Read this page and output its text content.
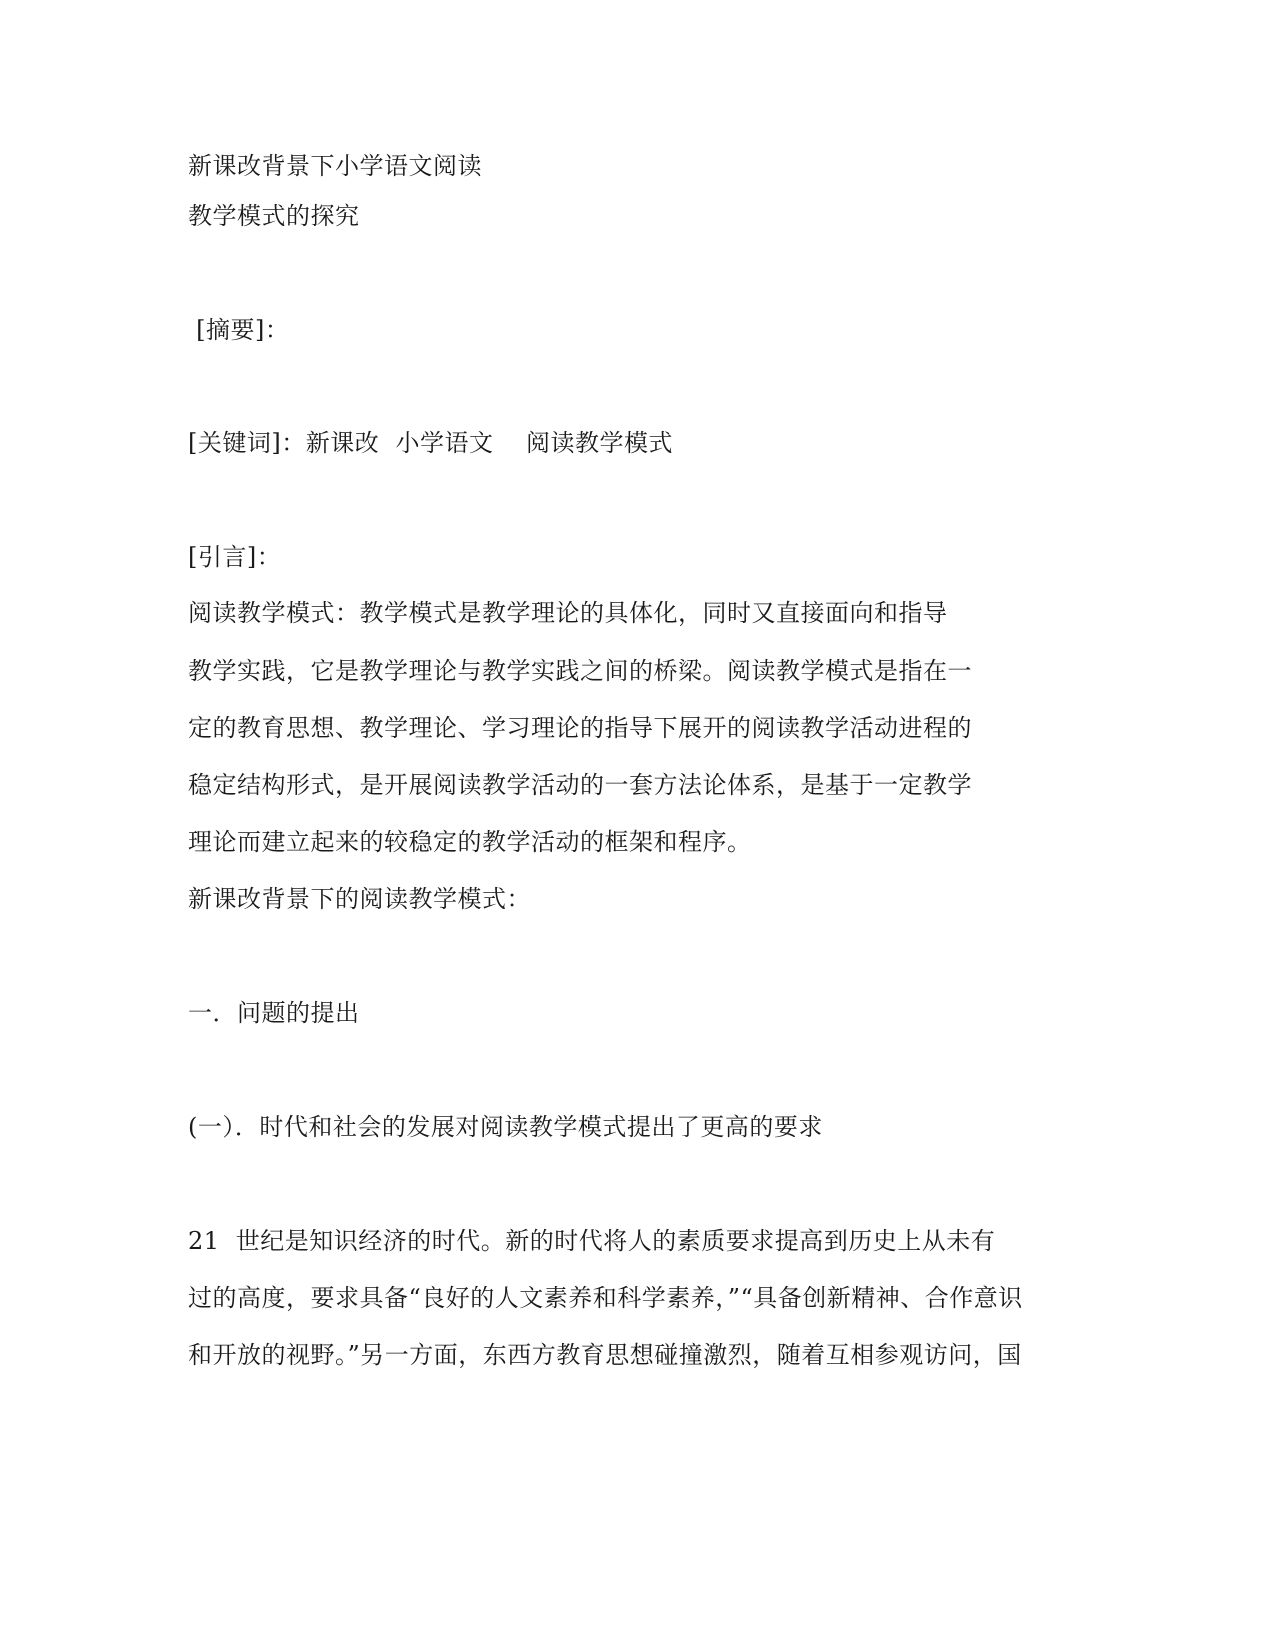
新课改背景下小学语文阅读
教学模式的探究
[摘要]：
[关键词]：新课改  小学语文    阅读教学模式
[引言]：
阅读教学模式：教学模式是教学理论的具体化，同时又直接面向和指导
教学实践，它是教学理论与教学实践之间的桥梁。阅读教学模式是指在一
定的教育思想、教学理论、学习理论的指导下展开的阅读教学活动进程的
稳定结构形式，是开展阅读教学活动的一套方法论体系，是基于一定教学
理论而建立起来的较稳定的教学活动的框架和程序。
新课改背景下的阅读教学模式：
一．问题的提出
(一）．时代和社会的发展对阅读教学模式提出了更高的要求
21  世纪是知识经济的时代。新的时代将人的素质要求提高到历史上从未有
过的高度，要求具备“良好的人文素养和科学素养，”“具备创新精神、合作意识
和开放的视野。”另一方面，东西方教育思想碰撞激烈，随着互相参观访问，国
